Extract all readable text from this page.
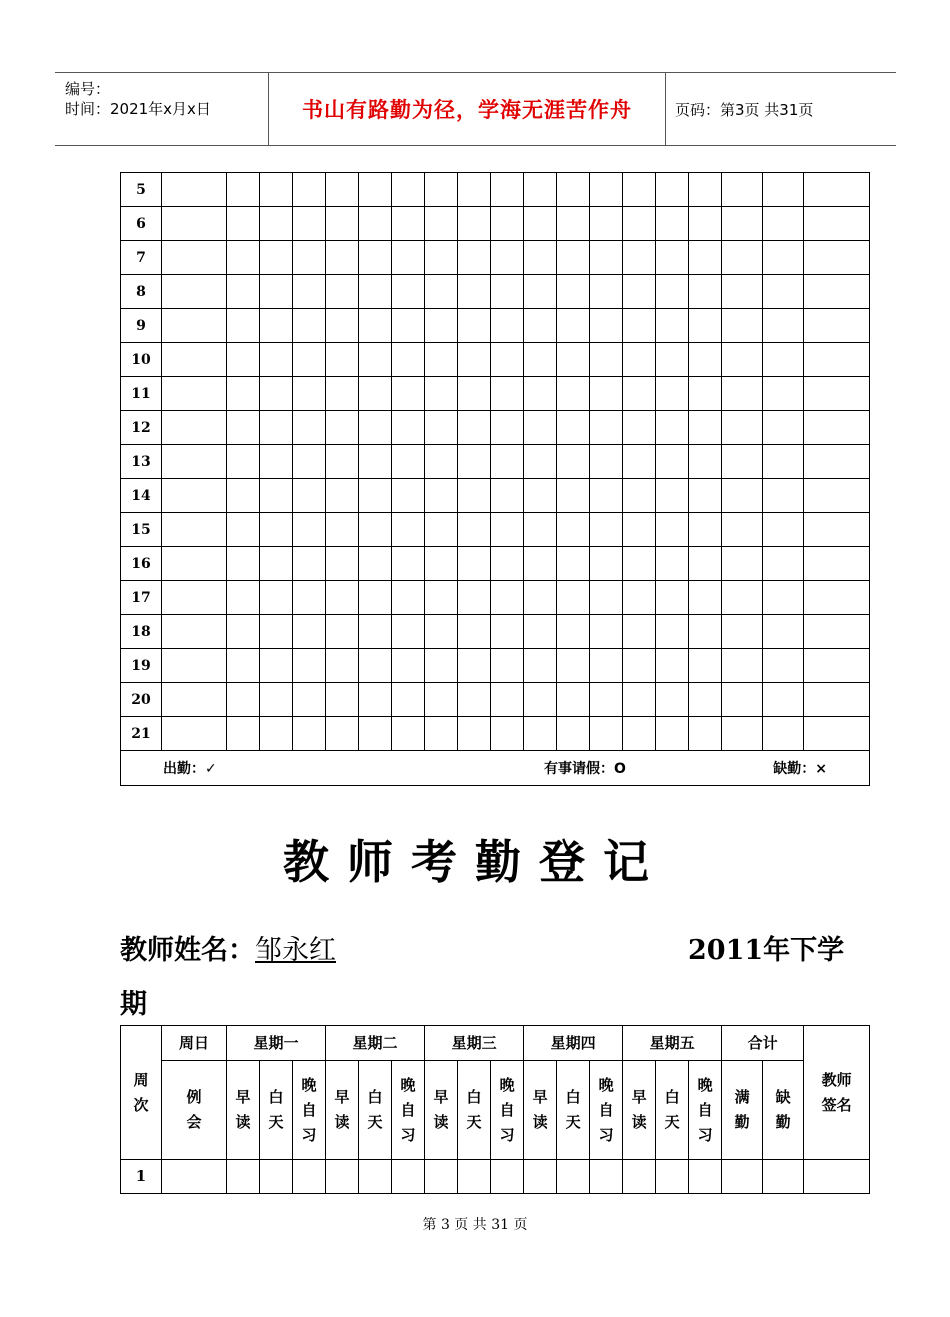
编号：
时间：2021年x月x日	书山有路勤为径，学海无涯苦作舟	页码：第3页 共31页
5																			
6																			
7																			
8																			
9																			
10																			
11																			
12																			
13																			
14																			
15																			
16																			
17																			
18																			
19																			
20																			
21																			

出勤：✓ 有事请假：O 缺勤：×																			
教师考勤登记
教师姓名：邹永红	2011年下学
期
周次	周日	星期一			星期二			星期三			星期四			星期五			合计		教师签名
	例会	早读	白天	晚自习	早读	白天	晚自习	早读	白天	晚自习	早读	白天	晚自习	早读	白天	晚自习	满勤	缺勤	
1																			
第 3 页 共 31 页
